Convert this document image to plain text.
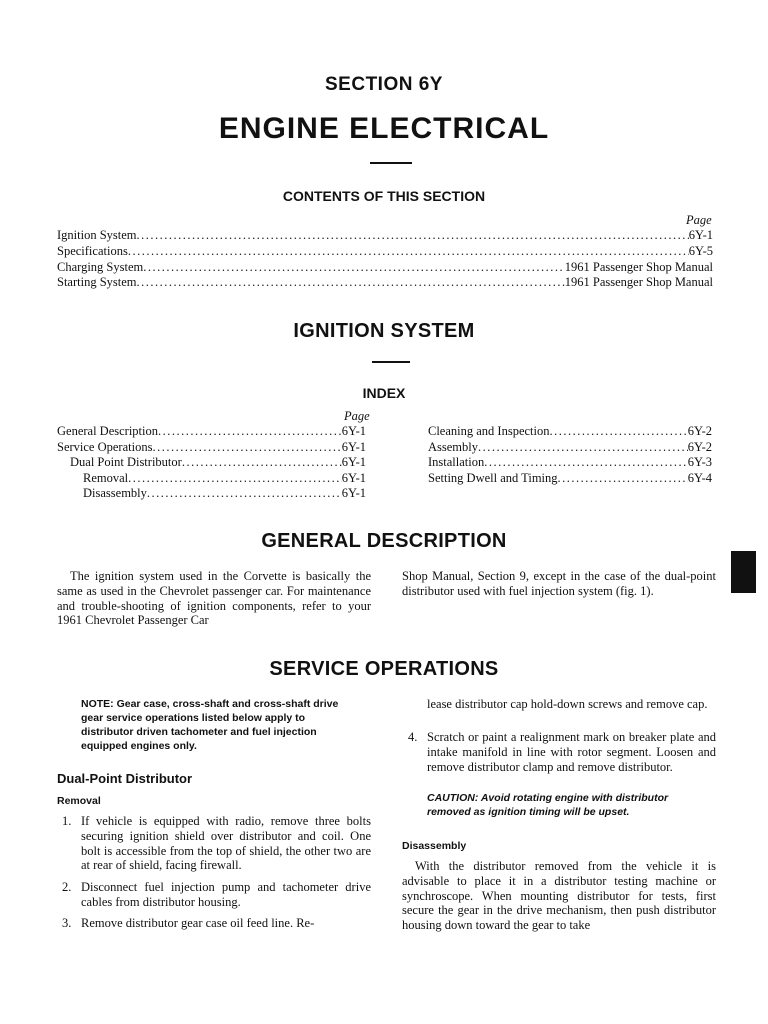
SECTION 6Y
ENGINE ELECTRICAL
CONTENTS OF THIS SECTION
Page
Ignition System .....	6Y-1
Specifications .....	6Y-5
Charging System .....	1961 Passenger Shop Manual
Starting System .....	1961 Passenger Shop Manual
IGNITION SYSTEM
INDEX
Page
General Description .....	6Y-1
Service Operations .....	6Y-1
Dual Point Distributor .....	6Y-1
Removal .....	6Y-1
Disassembly .....	6Y-1
Cleaning and Inspection .....	6Y-2
Assembly .....	6Y-2
Installation .....	6Y-3
Setting Dwell and Timing .....	6Y-4
GENERAL DESCRIPTION
The ignition system used in the Corvette is basically the same as used in the Chevrolet passenger car. For maintenance and trouble-shooting of ignition components, refer to your 1961 Chevrolet Passenger Car
Shop Manual, Section 9, except in the case of the dual-point distributor used with fuel injection system (fig. 1).
SERVICE OPERATIONS
NOTE: Gear case, cross-shaft and cross-shaft drive gear service operations listed below apply to distributor driven tachometer and fuel injection equipped engines only.
Dual-Point Distributor
Removal
1. If vehicle is equipped with radio, remove three bolts securing ignition shield over distributor and coil. One bolt is accessible from the top of shield, the other two are at rear of shield, facing firewall.
2. Disconnect fuel injection pump and tachometer drive cables from distributor housing.
3. Remove distributor gear case oil feed line. Re-
lease distributor cap hold-down screws and remove cap.
4. Scratch or paint a realignment mark on breaker plate and intake manifold in line with rotor segment. Loosen and remove distributor clamp and remove distributor.
CAUTION: Avoid rotating engine with distributor removed as ignition timing will be upset.
Disassembly
With the distributor removed from the vehicle it is advisable to place it in a distributor testing machine or synchroscope. When mounting distributor for tests, first secure the gear in the drive mechanism, then push distributor housing down toward the gear to take
